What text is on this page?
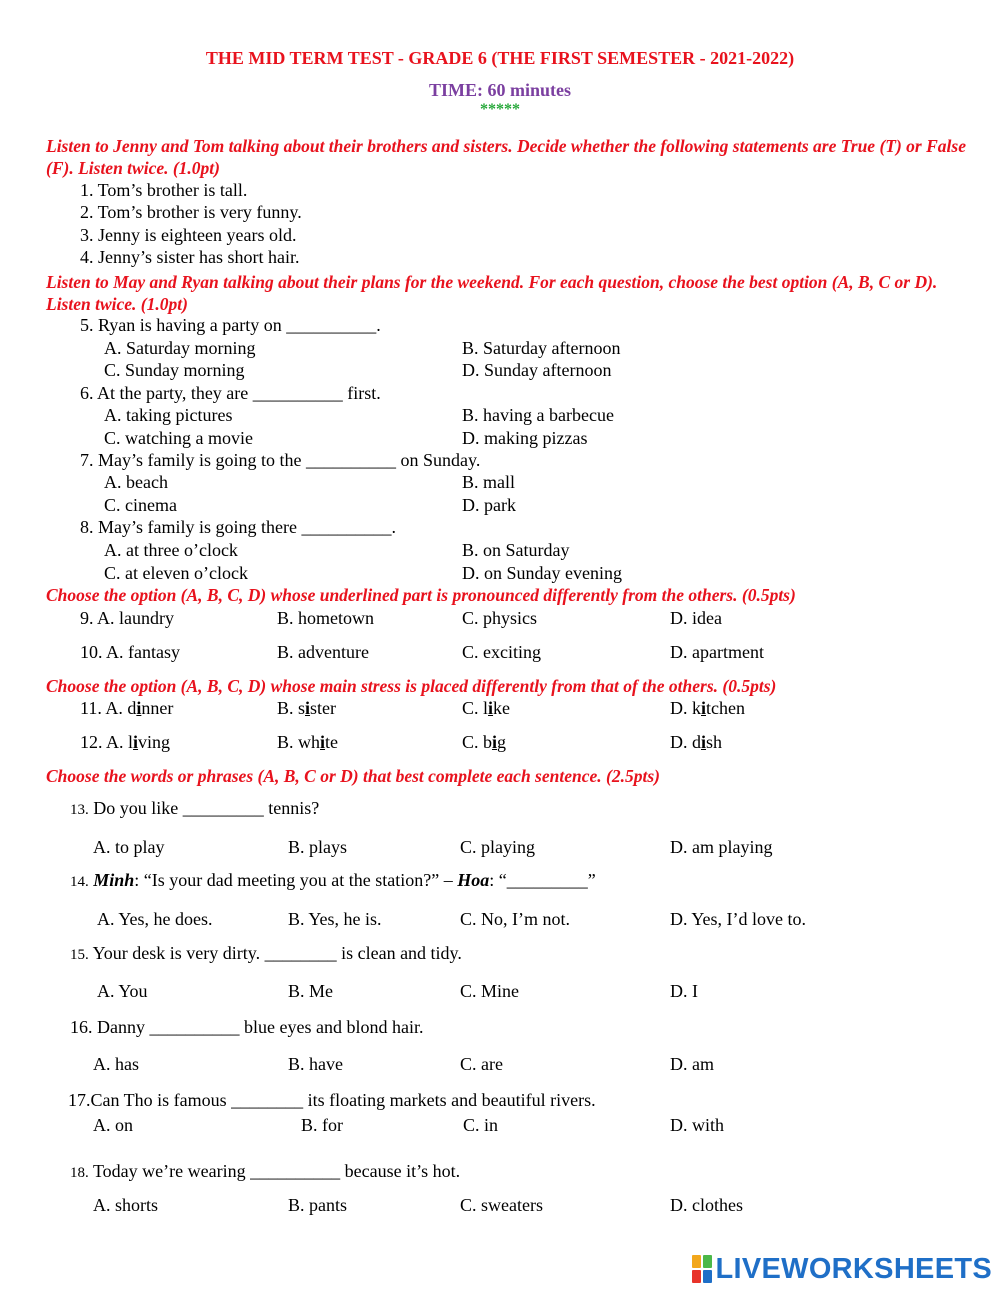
THE MID TERM TEST - GRADE 6 (THE FIRST SEMESTER - 2021-2022)
TIME: 60 minutes
*****
Listen to Jenny and Tom talking about their brothers and sisters. Decide whether the following statements are True (T) or False (F). Listen twice. (1.0pt)
1. Tom’s brother is tall.
2. Tom’s brother is very funny.
3. Jenny is eighteen years old.
4. Jenny’s sister has short hair.
Listen to May and Ryan talking about their plans for the weekend. For each question, choose the best option (A, B, C or D). Listen twice. (1.0pt)
5. Ryan is having a party on __________.
A. Saturday morning	B. Saturday afternoon
C. Sunday morning	D. Sunday afternoon
6. At the party, they are __________ first.
A. taking pictures	B. having a barbecue
C. watching a movie	D. making pizzas
7. May’s family is going to the __________ on Sunday.
A. beach	B. mall
C. cinema	D. park
8. May’s family is going there __________.
A. at three o’clock	B. on Saturday
C. at eleven o’clock	D. on Sunday evening
Choose the option (A, B, C, D) whose underlined part is pronounced differently from the others. (0.5pts)
9. A. laundry	B. hometown	C. physics	D. idea
10. A. fantasy	B. adventure	C. exciting	D. apartment
Choose the option (A, B, C, D) whose main stress is placed differently from that of the others. (0.5pts)
11. A. dinner	B. sister	C. like	D. kitchen
12. A. living	B. white	C. big	D. dish
Choose the words or phrases (A, B, C or D) that best complete each sentence. (2.5pts)
13. Do you like _________ tennis?
A. to play	B. plays	C. playing	D. am playing
14. Minh: “Is your dad meeting you at the station?” – Hoa: “_________”
A. Yes, he does.	B. Yes, he is.	C. No, I’m not.	D. Yes, I’d love to.
15. Your desk is very dirty. ________ is clean and tidy.
A. You	B. Me	C. Mine	D. I
16. Danny __________ blue eyes and blond hair.
A. has	B. have	C. are	D. am
17.Can Tho is famous ________ its floating markets and beautiful rivers.
A. on	B. for	C. in	D. with
18. Today we’re wearing __________ because it’s hot.
A. shorts	B. pants	C. sweaters	D. clothes
LIVEWORKSHEETS
